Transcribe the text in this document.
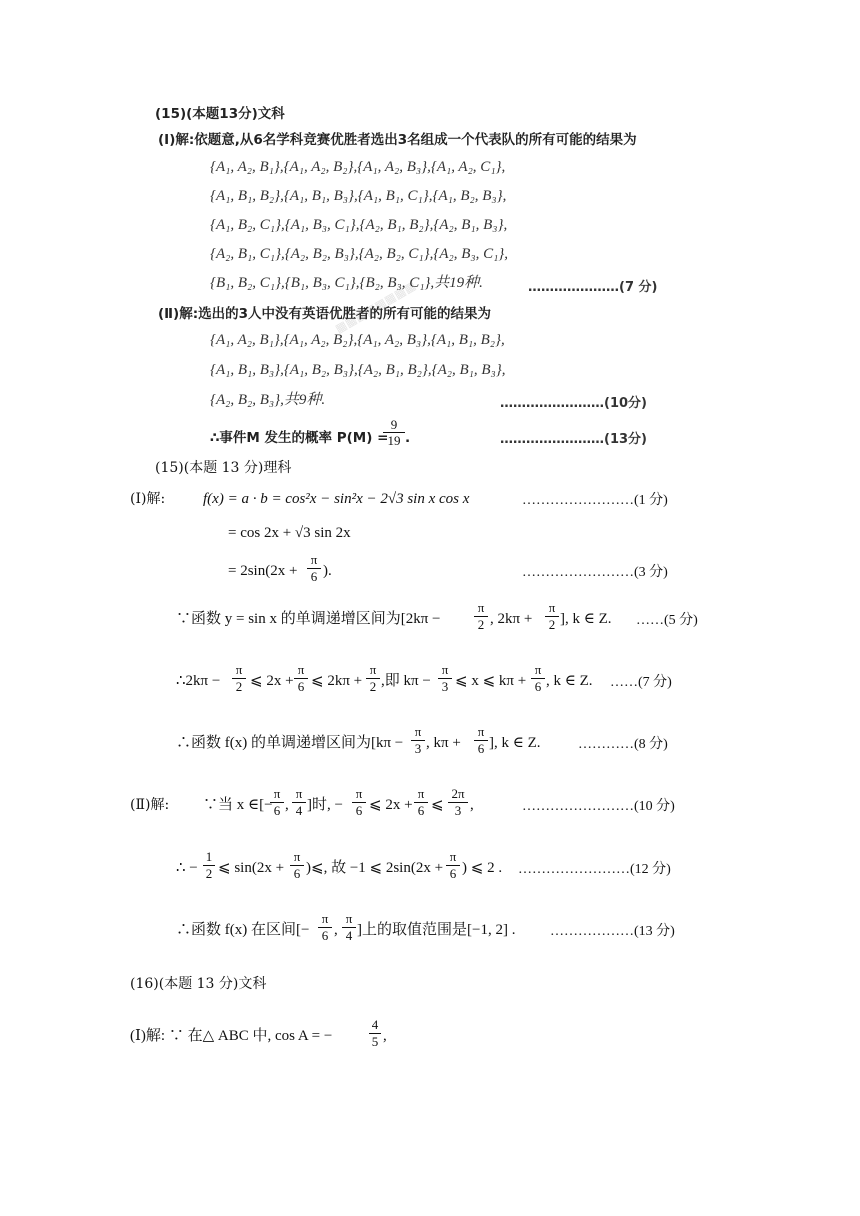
▦▦▦▦▦▦▦▦
(15)(本题13分)文科
(Ⅰ)解:依题意,从6名学科竞赛优胜者选出3名组成一个代表队的所有可能的结果为
{A₁, A₂, B₁},{A₁, A₂, B₂},{A₁, A₂, B₃},{A₁, A₂, C₁},
{A₁, B₁, B₂},{A₁, B₁, B₃},{A₁, B₁, C₁},{A₁, B₂, B₃},
{A₁, B₂, C₁},{A₁, B₃, C₁},{A₂, B₁, B₂},{A₂, B₁, B₃},
{A₂, B₁, C₁},{A₂, B₂, B₃},{A₂, B₂, C₁},{A₂, B₃, C₁},
{B₁, B₂, C₁},{B₁, B₃, C₁},{B₂, B₃, C₁},共19种.	…………………(7 分)
(Ⅱ)解:选出的3人中没有英语优胜者的所有可能的结果为
{A₁, A₂, B₁},{A₁, A₂, B₂},{A₁, A₂, B₃},{A₁, B₁, B₂},
{A₁, B₁, B₃},{A₁, B₂, B₃},{A₂, B₁, B₂},{A₂, B₁, B₃},
{A₂, B₂, B₃},共9种.	……………………(10分)
∴事件M 发生的概率 P(M) =
$\frac{9}{19}$ .	……………………(13分)
(15)(本题 13 分)理科
(Ⅰ)解:	f(x) = a · b = cos²x − sin²x − 2√3 sin x cos x	……………………(1 分)
= cos 2x + √3 sin 2x
= $2\sin(2x + \frac{\pi}{6}$ ).	……………………(3 分)
∵函数 y = sin x 的单调递增区间为[2kπ −	$\frac{\pi}{2}$ , $2k\pi + \frac{\pi}{2}$ ], k ∈ Z. ……(5 分)
∴2kπ − $\frac{\pi}{2}$ ⩽ $2x + \frac{\pi}{6}$ ⩽ $2k\pi + \frac{\pi}{2}$ ,即 $k\pi - \frac{\pi}{3}$ ⩽ x ⩽ $k\pi + \frac{\pi}{6}$ , k ∈ Z. ……(7 分)
∴函数 f(x) 的单调递增区间为[$k\pi - \frac{\pi}{3}$ , $k\pi + \frac{\pi}{6}$ ], k ∈ Z.	…………(8 分)
(Ⅱ)解: ∵当 x ∈[−
$\frac{\pi}{6}$ , $\frac{\pi}{4}$ ]时, − $\frac{\pi}{6}$ ⩽ $2x + \frac{\pi}{6}$ ⩽ $\frac{2\pi}{3}$ ,	……………………(10 分)
∴ − $\frac{1}{2}$ ⩽ $\sin(2x + \frac{\pi}{6}$ )⩽, 故 −1 ⩽ $2\sin(2x + \frac{\pi}{6}$ ) ⩽ 2 . ……………………(12 分)
∴函数 f(x) 在区间[− $\frac{\pi}{6}$ , $\frac{\pi}{4}$ ]上的取值范围是[−1, 2] . ………………(13 分)
(16)(本题 13 分)文科
(Ⅰ)解: ∵ 在△ ABC 中, cos A = −	$\frac{4}{5}$ ,
